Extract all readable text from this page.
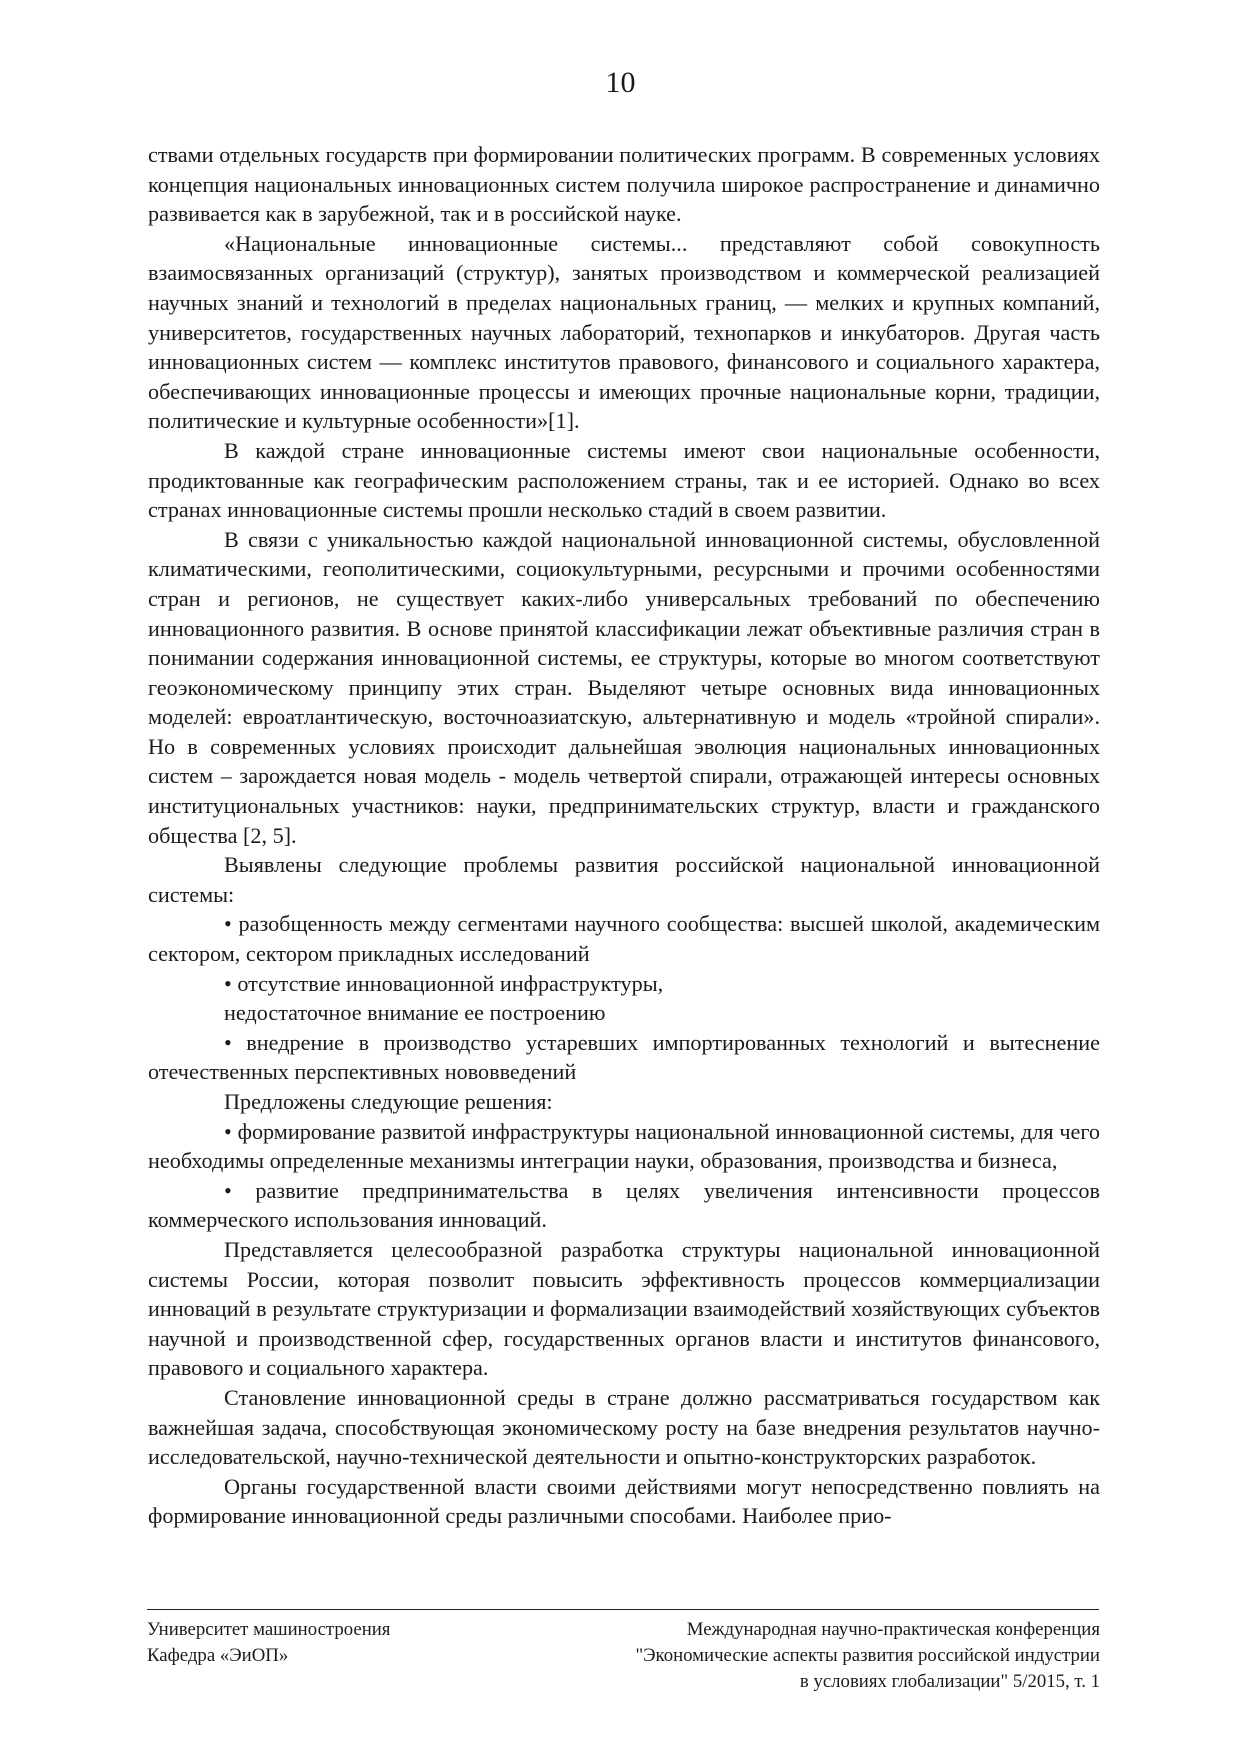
10

ствами отдельных государств при формировании политических программ. В современных условиях концепция национальных инновационных систем получила широкое распространение и динамично развивается как в зарубежной, так и в российской науке.

«Национальные инновационные системы... представляют собой совокупность взаимосвязанных организаций (структур), занятых производством и коммерческой реализацией научных знаний и технологий в пределах национальных границ, — мелких и крупных компаний, университетов, государственных научных лабораторий, технопарков и инкубаторов. Другая часть инновационных систем — комплекс институтов правового, финансового и социального характера, обеспечивающих инновационные процессы и имеющих прочные национальные корни, традиции, политические и культурные особенности»[1].

В каждой стране инновационные системы имеют свои национальные особенности, продиктованные как географическим расположением страны, так и ее историей. Однако во всех странах инновационные системы прошли несколько стадий в своем развитии.

В связи с уникальностью каждой национальной инновационной системы, обусловленной климатическими, геополитическими, социокультурными, ресурсными и прочими особенностями стран и регионов, не существует каких-либо универсальных требований по обеспечению инновационного развития. В основе принятой классификации лежат объективные различия стран в понимании содержания инновационной системы, ее структуры, которые во многом соответствуют геоэкономическому принципу этих стран. Выделяют четыре основных вида инновационных моделей: евроатлантическую, восточноазиатскую, альтернативную и модель «тройной спирали». Но в современных условиях происходит дальнейшая эволюция национальных инновационных систем – зарождается новая модель - модель четвертой спирали, отражающей интересы основных институциональных участников: науки, предпринимательских структур, власти и гражданского общества [2, 5].

Выявлены следующие проблемы развития российской национальной инновационной системы:

• разобщенность между сегментами научного сообщества: высшей школой, академическим сектором, сектором прикладных исследований

• отсутствие инновационной инфраструктуры,

недостаточное внимание ее построению

• внедрение в производство устаревших импортированных технологий и вытеснение отечественных перспективных нововведений

Предложены следующие решения:

• формирование развитой инфраструктуры национальной инновационной системы, для чего необходимы определенные механизмы интеграции науки, образования, производства и бизнеса,

• развитие предпринимательства в целях увеличения интенсивности процессов коммерческого использования инноваций.

Представляется целесообразной разработка структуры национальной инновационной системы России, которая позволит повысить эффективность процессов коммерциализации инноваций в результате структуризации и формализации взаимодействий хозяйствующих субъектов научной и производственной сфер, государственных органов власти и институтов финансового, правового и социального характера.

Становление инновационной среды в стране должно рассматриваться государством как важнейшая задача, способствующая экономическому росту на базе внедрения результатов научно-исследовательской, научно-технической деятельности и опытно-конструкторских разработок.

Органы государственной власти своими действиями могут непосредственно повлиять на формирование инновационной среды различными способами. Наиболее прио-

Университет машиностроения
Кафедра «ЭиОП»
Международная научно-практическая конференция
"Экономические аспекты развития российской индустрии
в условиях глобализации" 5/2015, т. 1
